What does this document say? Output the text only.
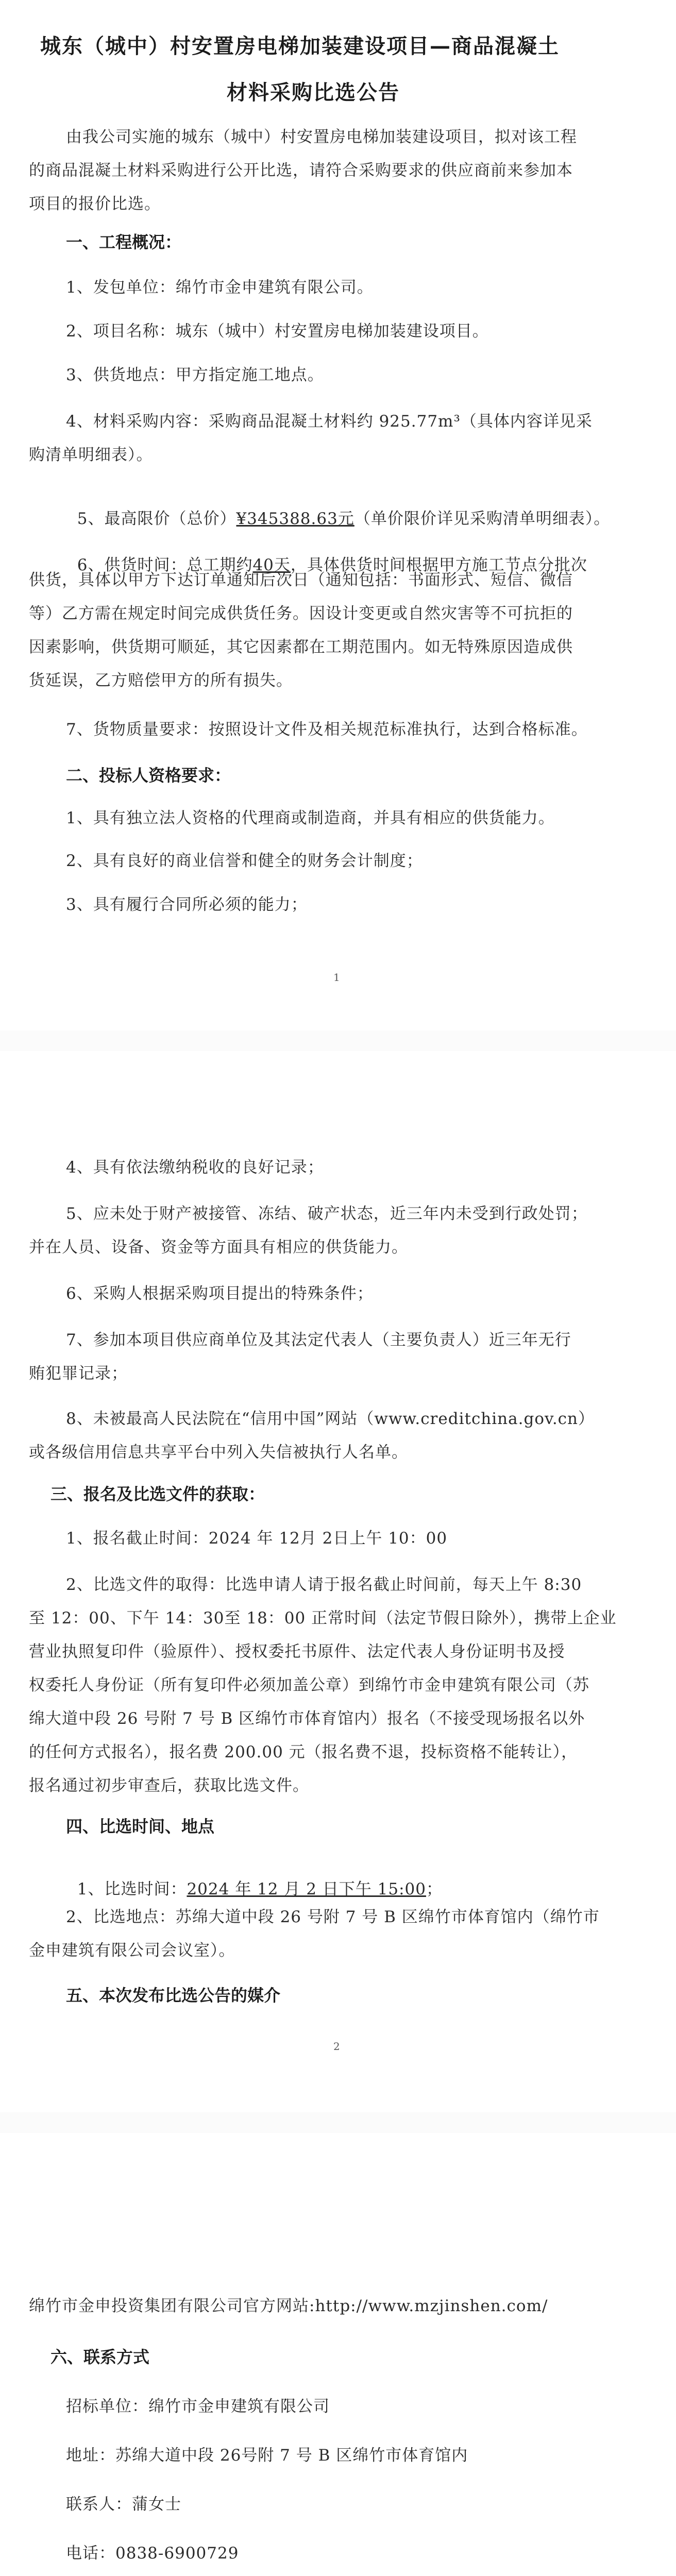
城东（城中）村安置房电梯加装建设项目—商品混凝土
材料采购比选公告
由我公司实施的城东（城中）村安置房电梯加装建设项目，拟对该工程
的商品混凝土材料采购进行公开比选，请符合采购要求的供应商前来参加本
项目的报价比选。
一、工程概况：
1、发包单位：绵竹市金申建筑有限公司。
2、项目名称：城东（城中）村安置房电梯加装建设项目。
3、供货地点：甲方指定施工地点。
4、材料采购内容：采购商品混凝土材料约 925.77m³（具体内容详见采
购清单明细表）。

5、最高限价（总价）¥345388.63元（单价限价详见采购清单明细表）。

6、供货时间：总工期约40天，具体供货时间根据甲方施工节点分批次

供货，具体以甲方下达订单通知后次日（通知包括：书面形式、短信、微信
等）乙方需在规定时间完成供货任务。因设计变更或自然灾害等不可抗拒的
因素影响，供货期可顺延，其它因素都在工期范围内。如无特殊原因造成供
货延误，乙方赔偿甲方的所有损失。
7、货物质量要求：按照设计文件及相关规范标准执行，达到合格标准。
二、投标人资格要求：
1、具有独立法人资格的代理商或制造商，并具有相应的供货能力。
2、具有良好的商业信誉和健全的财务会计制度；
3、具有履行合同所必须的能力；
1
4、具有依法缴纳税收的良好记录；
5、应未处于财产被接管、冻结、破产状态，近三年内未受到行政处罚；
并在人员、设备、资金等方面具有相应的供货能力。
6、采购人根据采购项目提出的特殊条件；
7、参加本项目供应商单位及其法定代表人（主要负责人）近三年无行
贿犯罪记录；
8、未被最高人民法院在“信用中国”网站（www.creditchina.gov.cn）
或各级信用信息共享平台中列入失信被执行人名单。
三、报名及比选文件的获取：
1、报名截止时间：2024 年 12月 2日上午 10：00
2、比选文件的取得：比选申请人请于报名截止时间前，每天上午 8:30
至 12：00、下午 14：30至 18：00 正常时间（法定节假日除外），携带上企业
营业执照复印件（验原件）、授权委托书原件、法定代表人身份证明书及授
权委托人身份证（所有复印件必须加盖公章）到绵竹市金申建筑有限公司（苏
绵大道中段 26 号附 7 号 B 区绵竹市体育馆内）报名（不接受现场报名以外
的任何方式报名），报名费 200.00 元（报名费不退，投标资格不能转让），
报名通过初步审查后，获取比选文件。
四、比选时间、地点

1、比选时间：2024 年 12 月 2 日下午 15:00；

2、比选地点：苏绵大道中段 26 号附 7 号 B 区绵竹市体育馆内（绵竹市
金申建筑有限公司会议室）。
五、本次发布比选公告的媒介
2
绵竹市金申投资集团有限公司官方网站:http://www.mzjinshen.com/
六、联系方式
招标单位：绵竹市金申建筑有限公司
地址：苏绵大道中段 26号附 7 号 B 区绵竹市体育馆内
联系人：蒲女士
电话：0838-6900729
